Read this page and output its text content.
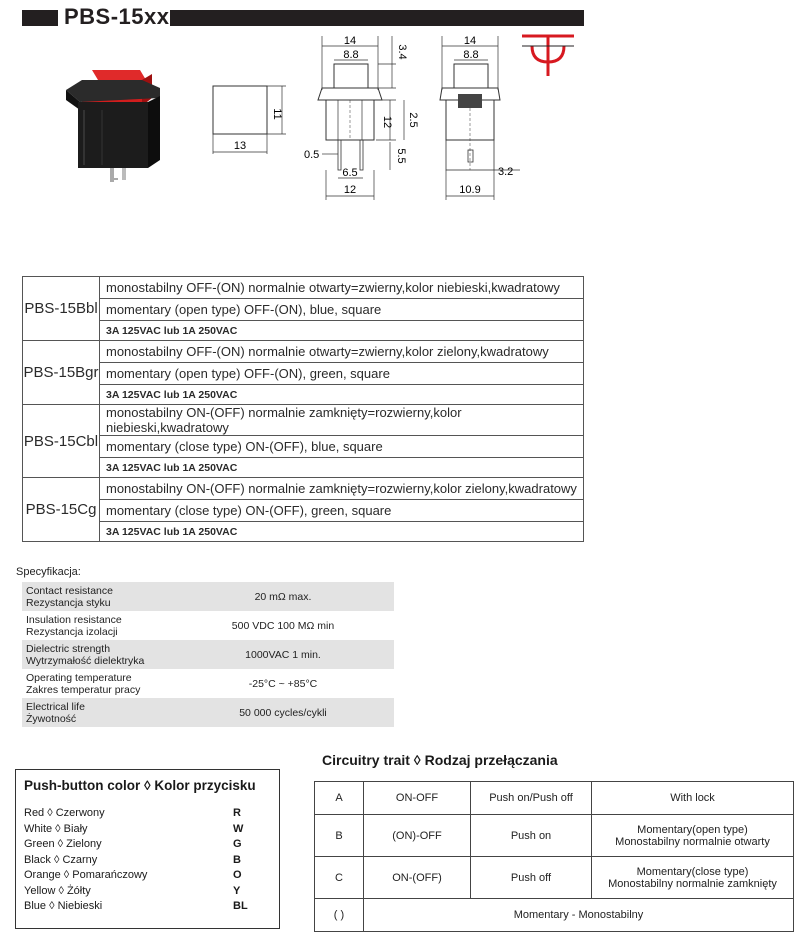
PBS-15xx
11
13
14
8.8	3.4
12 2.5
5.5
0.5
6.5
12
14
8.8
3.2
10.9
PBS-15Bbl	monostabilny OFF-(ON) normalnie otwarty=zwierny,kolor niebieski,kwadratowy
	momentary (open type) OFF-(ON), blue, square
	3A 125VAC lub 1A 250VAC
PBS-15Bgr	monostabilny OFF-(ON) normalnie otwarty=zwierny,kolor zielony,kwadratowy
	momentary (open type) OFF-(ON), green, square
	3A 125VAC lub 1A 250VAC
PBS-15Cbl	monostabilny ON-(OFF) normalnie zamknięty=rozwierny,kolor niebieski,kwadratowy
	momentary (close type) ON-(OFF), blue, square
	3A 125VAC lub 1A 250VAC
PBS-15Cg	monostabilny ON-(OFF) normalnie zamknięty=rozwierny,kolor zielony,kwadratowy
	momentary (close type) ON-(OFF), green, square
	3A 125VAC lub 1A 250VAC
Specyfikacja:
Contact resistance
Rezystancja styku	20 mΩ max.
Insulation resistance
Rezystancja izolacji	500 VDC 100 MΩ min
Dielectric strength
Wytrzymałość dielektryka	1000VAC 1 min.
Operating temperature
Zakres temperatur pracy	-25°C ~ +85°C
Electrical life
Żywotność	50 000 cycles/cykli
Push-button color ◊ Kolor przycisku
Red ◊ Czerwony	R
White ◊ Biały	W
Green ◊ Zielony	G
Black ◊ Czarny	B
Orange ◊ Pomarańczowy	O
Yellow ◊ Żółty	Y
Blue ◊ Niebieski	BL
Circuitry trait ◊ Rodzaj przełączania
A	ON-OFF	Push on/Push off	With lock
B	(ON)-OFF	Push on	Momentary(open type)
Monostabilny normalnie otwarty
C	ON-(OFF)	Push off	Momentary(close type)
Monostabilny normalnie zamknięty
( )	Momentary - Monostabilny		
